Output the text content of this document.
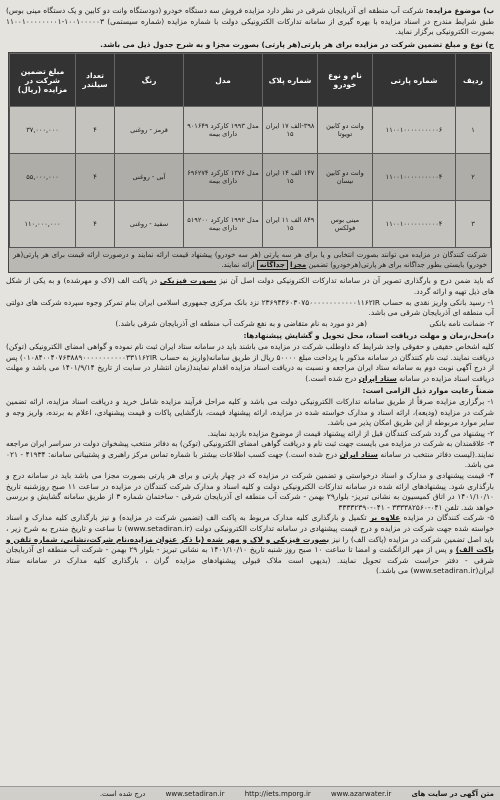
ب) موضوع مزایده: شرکت آب منطقه ای آذربایجان شرقی در نظر دارد مزایده فروش سه دستگاه خودرو (دودستگاه وانت دو کابین و یک دستگاه مینی بوس) طبق شرایط مندرج در اسناد مزایده با بهره گیری از سامانه تدارکات الکترونیکی دولت با شماره مزایده (شماره سیستمی) ۱۰۰۱۰۰۰۰۰۳-۱۱۰۰۱۰۰۰۰۰۰۰۰۱ بصورت الکترونیکی برگزار نماید.

ج) نوع و مبلغ تضمین شرکت در مزایده برای هر پارتی(هر پارتی) بصورت مجزا و به شرح جدول ذیل می باشد.

ردیف	شماره پارتی	نام و نوع خودرو	شماره پلاک	مدل	رنگ	تعداد سیلندر	مبلغ تضمین شرکت در مزایده (ریال)
۱	۱۱۰۰۱۰۰۰۰۰۰۰۰۰۰۶	وانت دو کابین تویوتا	۳۹۸-الف ۱۷ ایران ۱۵	مدل ۱۹۹۳ کارکرد ۹۰۱۶۴۹ دارای بیمه	قرمز - روغنی	۴	۳۷,۰۰۰,۰۰۰
۲	۱۱۰۰۱۰۰۰۰۰۰۰۰۰۰۴	وانت دو کابین نیسان	۱۴۷ الف ۱۴ ایران ۱۵	مدل ۱۳۷۶ کارکرد ۶۹۶۲۷۴ دارای بیمه	آبی - روغنی	۴	۵۵,۰۰۰,۰۰۰
۳	۱۱۰۰۱۰۰۰۰۰۰۰۰۰۰۴	مینی بوس فولکس	۸۴۹ الف ۱۱ ایران ۱۵	مدل ۱۹۹۲ کارکرد ۵۱۹۲۰۰ دارای بیمه	سفید - روغنی	۴	۱۱۰,۰۰۰,۰۰۰

شرکت کنندگان در مزایده می توانند بصورت انتخابی و یا برای هر سه پارتی (هر سه خودرو) پیشنهاد قیمت ارائه نمایند و درصورت ارائه قیمت برای هر پارتی(هر خودرو) بایستی بطور جداگانه برای هر پارتی(هرخودرو) تضمین مجزا جداگانه ارائه نمایند.

که باید ضمن درج و بارگذاری تصویر آن در سامانه تدارکات الکترونیکی دولت اصل آن نیز بصورت فیزیکی در پاکت الف (لاک و مهرشده) و به یکی از شکل های ذیل تهیه و ارائه گردد.

۱- رسید بانکی واریز نقدی به حساب ۲۳۶۹۴۳۶۰۳۰۷۵۰۰۰۰۰۰۰۰۰۰۰۰۱۱۶۲IR نزد بانک مرکزی جمهوری اسلامی ایران بنام تمرکز وجوه سپرده شرکت های دولتی آب منطقه ای آذربایجان شرقی می باشد.

۲- ضمانت نامه بانکی (هر دو مورد به نام متقاضی و به نفع شرکت آب منطقه ای آذربایجان شرقی باشد.)

د)محل،زمان و مهلت دریافت اسناد، محل تحویل و گشایش پیشنهادها:

کلیه اشخاص حقیقی و حقوقی واجد شرایط که داوطلب شرکت در مزایده می باشند باید در سامانه ستاد ایران ثبت نام نموده و گواهی امضای الکترونیکی (توکن) دریافت نمایند. ثبت نام کنندگان در سامانه مذکور با پرداخت مبلغ ۵۰۰۰۰ ریال از طریق سامانه(واریز به حساب ۰۱۰۸۴۰۰۴۰۷۶۳۸۸۹۰۰۰۰۰۰۰۰۰۰۰۳۳۱۱۶۲IR) پس از درج آگهی نوبت دوم به سامانه ستاد ایران مراجعه و نسبت به دریافت اسناد مزایده اقدام نمایند(زمان انتشار در سایت از تاریخ ۱۴۰۱/۹/۱۴ می باشد و مهلت دریافت اسناد مزایده در سامانه ستاد ایران درج شده است.)

ضمناً رعایت موارد ذیل الزامی است:

۱- برگزاری مزایده صرفاً از طریق سامانه تدارکات الکترونیکی دولت می باشد و کلیه مراحل فرآیند مزایده شامل خرید و دریافت اسناد مزایده، ارائه تضمین شرکت در مزایده (ودیعه)، ارائه اسناد و مدارک خواسته شده در مزایده، ارائه پیشنهاد قیمت، بازگشایی پاکات و قیمت پیشنهادی، اعلام به برنده، واریز وجه و سایر موارد مربوطه از این طریق امکان پذیر می باشد.

۲- پیشنهاد می گردد شرکت کنندگان قبل از ارائه پیشنهاد قیمت از موضوع مزایده بازدید نمایند.

۳- علاقمندان به شرکت در مزایده می بایست جهت ثبت نام و دریافت گواهی امضای الکترونیکی (توکن) به دفاتر منتخب پیشخوان دولت در سراسر ایران مراجعه نمایند.(لیست دفاتر منتخب در سامانه ستاد ایران درج شده است.) جهت کسب اطلاعات بیشتر با شماره تماس مرکز راهبری و پشتیبانی سامانه: ۴۱۹۳۴ - ۰۲۱ می باشد.

۴- قیمت پیشنهادی و مدارک و اسناد درخواستی و تضمین شرکت در مزایده که در چهار پارتی و برای هر پارتی بصورت مجزا می باشد باید در سامانه درج و بارگذاری شود. پیشنهادهای ارائه شده در سامانه تدارکات الکترونیکی دولت و کلیه اسناد و مدارک شرکت کنندگان در مزایده در ساعت ۱۱ صبح روزشنبه تاریخ ۱۴۰۱/۱۰/۱۰ در اتاق کمیسیون به نشانی تبریز- بلوار۲۹ بهمن - شرکت آب منطقه ای آذربایجان شرقی - ساختمان شماره ۳ از طریق سامانه گشایش و بررسی خواهد شد. تلفن ۰۴۱-۳۳۳۳۸۲۵۶۰ - ۰۴۱-۳۳۳۳۲۳۹۰

۵- شرکت کنندگان در مزایده علاوه بر تکمیل و بارگذاری کلیه مدارک مربوط به پاکت الف (تضمین شرکت در مزایده) و نیز بارگذاری کلیه مدارک و اسناد خواسته شده جهت شرکت در مزایده و درج قیمت پیشنهادی در سامانه تدارکات الکترونیکی دولت (www.setadiran.ir) تا ساعت و تاریخ مندرج به شرح زیر ، باید اصل تضمین شرکت در مزایده (پاکت الف) را نیز بصورت فیزیکی و لاک و مهر شده (با ذکر عنوان مزایده،نام شرکت،نشانی، شماره تلفن و پاکت الف) و پس از مهر الزانگشت و امضا تا ساعت ۱۰ صبح روز شنبه تاریخ ۱۴۰۱/۱۰/۱۰ به نشانی تبریز - بلوار ۲۹ بهمن - شرکت آب منطقه ای آذربایجان شرقی - دفتر حراست شرکت تحویل نمایند. (بدیهی است ملاک قبولی پیشنهادهای مزایده گران ، بارگذاری کلیه مدارک در سامانه ستاد ایران(www.setadiran.ir) می باشد.)

متن آگهی در سایت های www.setadiran.ir	http://iets.mporg.ir	www.azarwater.ir درج شده است.
